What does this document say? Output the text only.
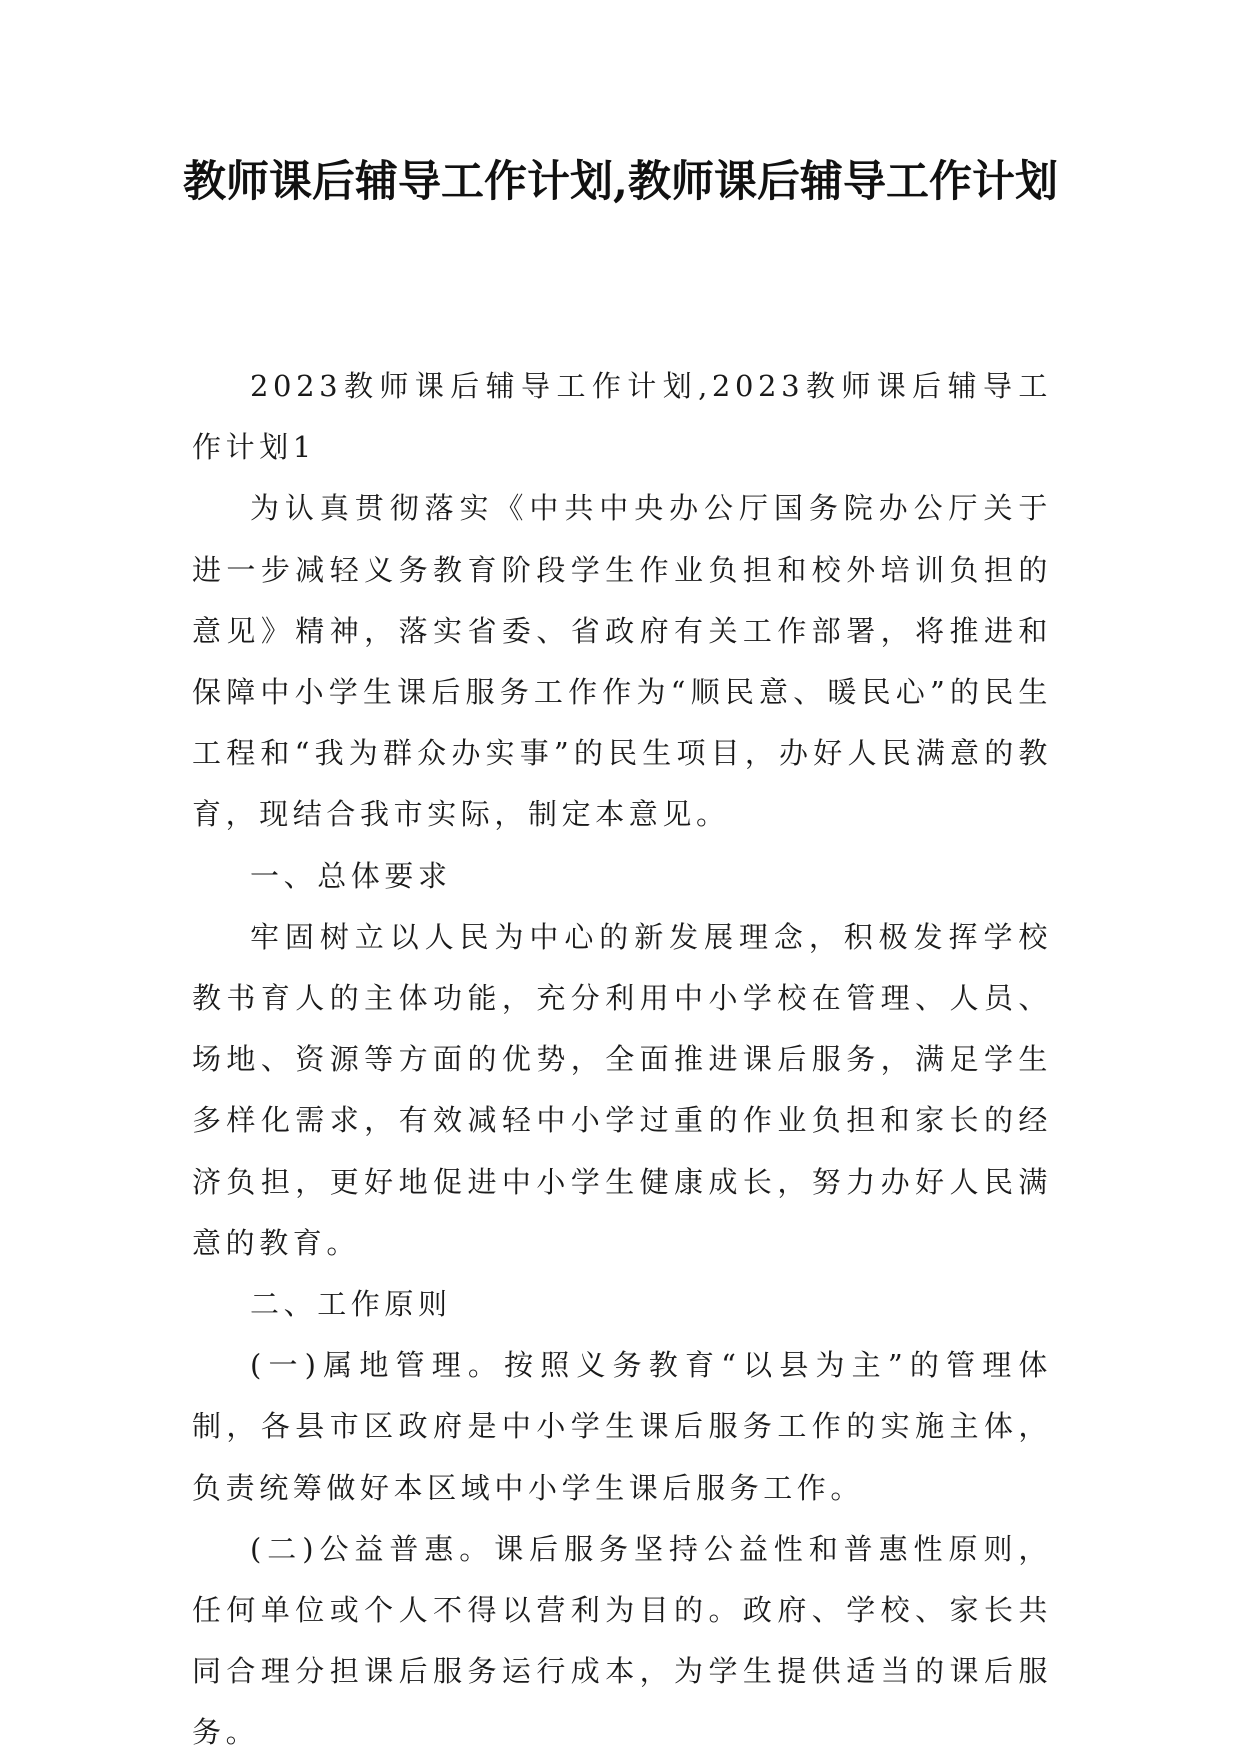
教师课后辅导工作计划,教师课后辅导工作计划

2023教师课后辅导工作计划,2023教师课后辅导工作计划1

为认真贯彻落实《中共中央办公厅国务院办公厅关于进一步减轻义务教育阶段学生作业负担和校外培训负担的意见》精神，落实省委、省政府有关工作部署，将推进和保障中小学生课后服务工作作为“顺民意、暖民心”的民生工程和“我为群众办实事”的民生项目，办好人民满意的教育，现结合我市实际，制定本意见。

一、总体要求

牢固树立以人民为中心的新发展理念，积极发挥学校教书育人的主体功能，充分利用中小学校在管理、人员、场地、资源等方面的优势，全面推进课后服务，满足学生多样化需求，有效减轻中小学过重的作业负担和家长的经济负担，更好地促进中小学生健康成长，努力办好人民满意的教育。

二、工作原则

(一)属地管理。按照义务教育“以县为主”的管理体制，各县市区政府是中小学生课后服务工作的实施主体，负责统筹做好本区域中小学生课后服务工作。

(二)公益普惠。课后服务坚持公益性和普惠性原则，任何单位或个人不得以营利为目的。政府、学校、家长共同合理分担课后服务运行成本，为学生提供适当的课后服务。
